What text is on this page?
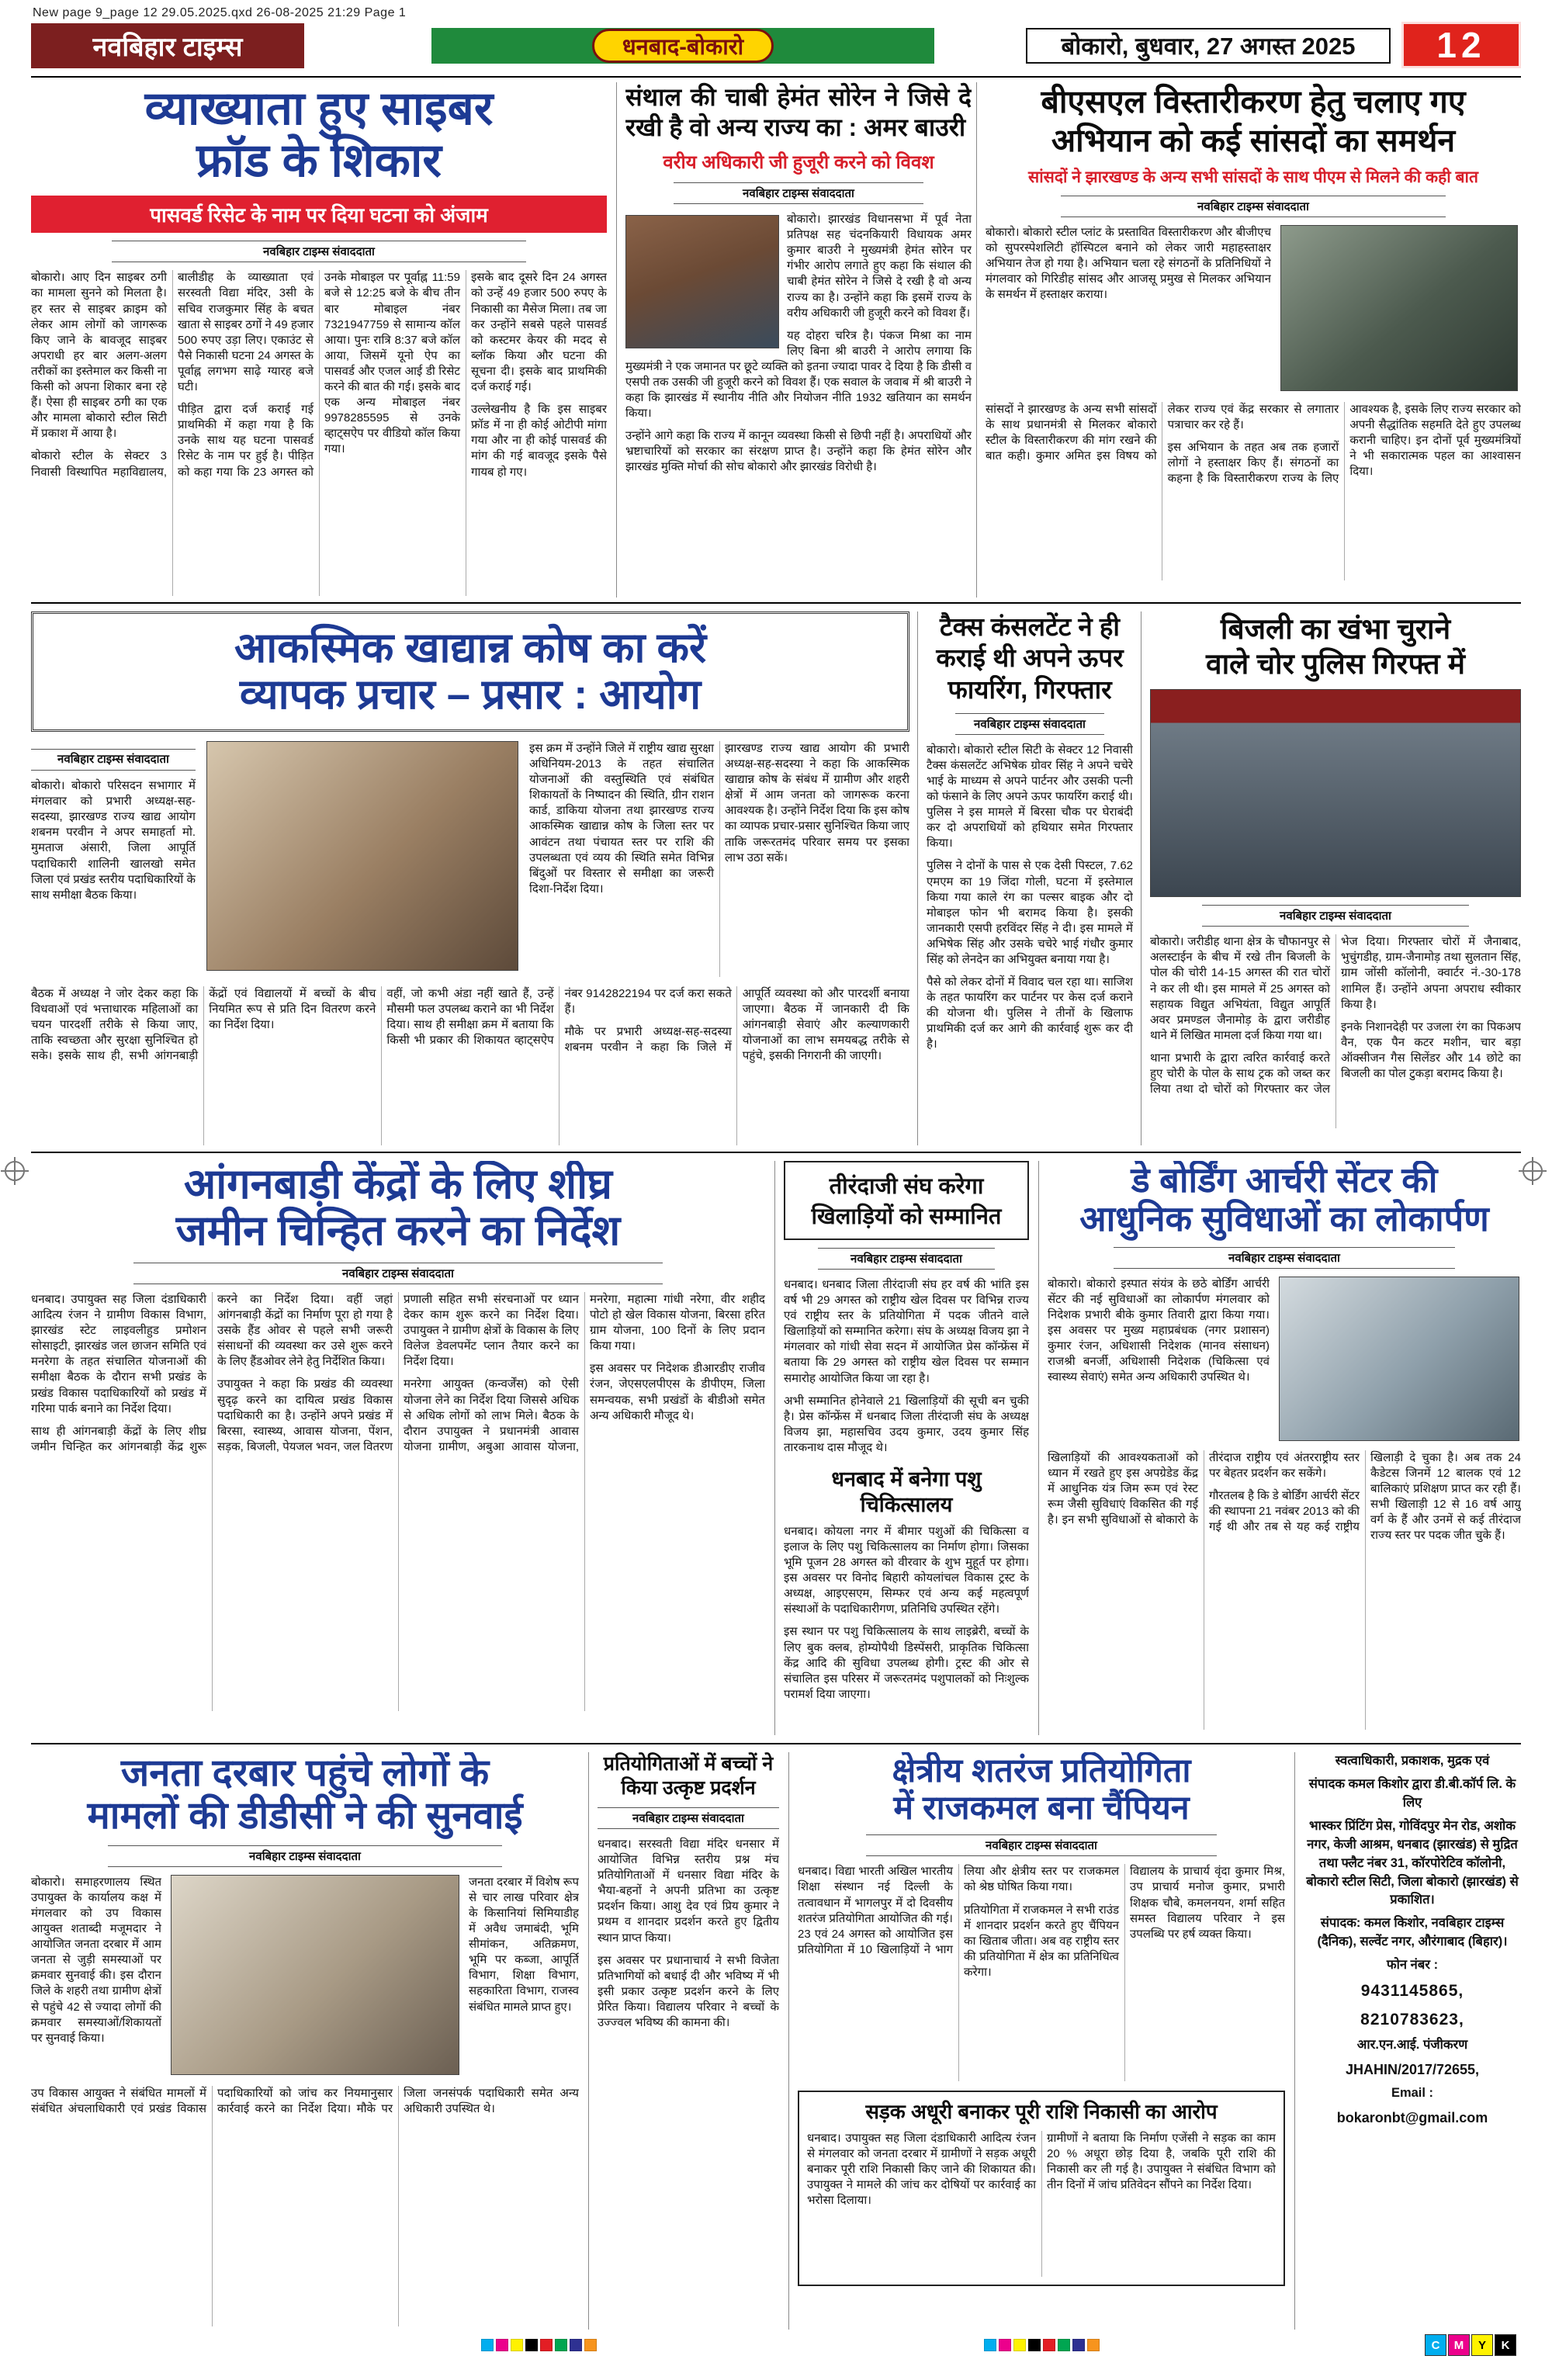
New page 9_page 12 29.05.2025.qxd 26-08-2025 21:29 Page 1
नवबिहार टाइम्स	धनबाद-बोकारो	बोकारो, बुधवार, 27 अगस्त 2025	12
व्याख्याता हुए साइबर
फ्रॉड के शिकार
पासवर्ड रिसेट के नाम पर दिया घटना को अंजाम
नवबिहार टाइम्स संवाददाता

बोकारो। आए दिन साइबर ठगी का मामला सुनने को मिलता है। हर स्तर से साइबर क्राइम को लेकर आम लोगों को जागरूक किए जाने के बावजूद साइबर अपराधी हर बार अलग-अलग तरीकों का इस्तेमाल कर किसी ना किसी को अपना शिकार बना रहे हैं। ऐसा ही साइबर ठगी का एक और मामला बोकारो स्टील सिटी में प्रकाश में आया है।

बोकारो स्टील के सेक्टर 3 निवासी विस्थापित महाविद्यालय, बालीडीह के व्याख्याता एवं सरस्वती विद्या मंदिर, 3सी के सचिव राजकुमार सिंह के बचत खाता से साइबर ठगों ने 49 हजार 500 रुपए उड़ा लिए। एकाउंट से पैसे निकासी घटना 24 अगस्त के पूर्वाह्न लगभग साढ़े ग्यारह बजे घटी।

पीड़ित द्वारा दर्ज कराई गई प्राथमिकी में कहा गया है कि उनके साथ यह घटना पासवर्ड रिसेट के नाम पर हुई है। पीड़ित को कहा गया कि 23 अगस्त को उनके मोबाइल पर पूर्वाह्न 11:59 बजे से 12:25 बजे के बीच तीन बार मोबाइल नंबर 7321947759 से सामान्य कॉल आया। पुनः रात्रि 8:37 बजे कॉल आया, जिसमें यूनो ऐप का पासवर्ड और एजल आई डी रिसेट करने की बात की गई। इसके बाद एक अन्य मोबाइल नंबर 9978285595 से उनके व्हाट्सऐप पर वीडियो कॉल किया गया।

इसके बाद दूसरे दिन 24 अगस्त को उन्हें 49 हजार 500 रुपए के निकासी का मैसेज मिला। तब जा कर उन्होंने सबसे पहले पासवर्ड को कस्टमर केयर की मदद से ब्लॉक किया और घटना की सूचना दी। इसके बाद प्राथमिकी दर्ज कराई गई।

उल्लेखनीय है कि इस साइबर फ्रॉड में ना ही कोई ओटीपी मांगा गया और ना ही कोई पासवर्ड की मांग की गई बावजूद इसके पैसे गायब हो गए।

संथाल की चाबी हेमंत सोरेन ने जिसे दे रखी है वो अन्य राज्य का : अमर बाउरी
वरीय अधिकारी जी हुजूरी करने को विवश
नवबिहार टाइम्स संवाददाता

बोकारो। झारखंड विधानसभा में पूर्व नेता प्रतिपक्ष सह चंदनकियारी विधायक अमर कुमार बाउरी ने मुख्यमंत्री हेमंत सोरेन पर गंभीर आरोप लगाते हुए कहा कि संथाल की चाबी हेमंत सोरेन ने जिसे दे रखी है वो अन्य राज्य का है। उन्होंने कहा कि इसमें राज्य के वरीय अधिकारी जी हुजूरी करने को विवश हैं।

यह दोहरा चरित्र है। पंकज मिश्रा का नाम लिए बिना श्री बाउरी ने आरोप लगाया कि मुख्यमंत्री ने एक जमानत पर छूटे व्यक्ति को इतना ज्यादा पावर दे दिया है कि डीसी व एसपी तक उसकी जी हुजूरी करने को विवश हैं। एक सवाल के जवाब में श्री बाउरी ने कहा कि झारखंड में स्थानीय नीति और नियोजन नीति 1932 खतियान का समर्थन किया।

उन्होंने आगे कहा कि राज्य में कानून व्यवस्था किसी से छिपी नहीं है। अपराधियों और भ्रष्टाचारियों को सरकार का संरक्षण प्राप्त है। उन्होंने कहा कि हेमंत सोरेन और झारखंड मुक्ति मोर्चा की सोच बोकारो और झारखंड विरोधी है।

बीएसएल विस्तारीकरण हेतु चलाए गए
अभियान को कई सांसदों का समर्थन
सांसदों ने झारखण्ड के अन्य सभी सांसदों के साथ पीएम से मिलने की कही बात
नवबिहार टाइम्स संवाददाता

बोकारो। बोकारो स्टील प्लांट के प्रस्तावित विस्तारीकरण और बीजीएच को सुपरस्पेशलिटी हॉस्पिटल बनाने को लेकर जारी महाहस्ताक्षर अभियान तेज हो गया है। अभियान चला रहे संगठनों के प्रतिनिधियों ने मंगलवार को गिरिडीह सांसद और आजसू प्रमुख से मिलकर अभियान के समर्थन में हस्ताक्षर कराया।

सांसदों ने झारखण्ड के अन्य सभी सांसदों के साथ प्रधानमंत्री से मिलकर बोकारो स्टील के विस्तारीकरण की मांग रखने की बात कही। कुमार अमित इस विषय को लेकर राज्य एवं केंद्र सरकार से लगातार पत्राचार कर रहे हैं।

इस अभियान के तहत अब तक हजारों लोगों ने हस्ताक्षर किए हैं। संगठनों का कहना है कि विस्तारीकरण राज्य के लिए आवश्यक है, इसके लिए राज्य सरकार को अपनी सैद्धांतिक सहमति देते हुए उपलब्ध करानी चाहिए। इन दोनों पूर्व मुख्यमंत्रियों ने भी सकारात्मक पहल का आश्वासन दिया।

आकस्मिक खाद्यान्न कोष का करें
व्यापक प्रचार – प्रसार : आयोग
नवबिहार टाइम्स संवाददाता

बोकारो। बोकारो परिसदन सभागार में मंगलवार को प्रभारी अध्यक्ष-सह-सदस्या, झारखण्ड राज्य खाद्य आयोग शबनम परवीन ने अपर समाहर्ता मो. मुमताज अंसारी, जिला आपूर्ति पदाधिकारी शालिनी खालखो समेत जिला एवं प्रखंड स्तरीय पदाधिकारियों के साथ समीक्षा बैठक किया।

इस क्रम में उन्होंने जिले में राष्ट्रीय खाद्य सुरक्षा अधिनियम-2013 के तहत संचालित योजनाओं की वस्तुस्थिति एवं संबंधित शिकायतों के निष्पादन की स्थिति, ग्रीन राशन कार्ड, डाकिया योजना तथा झारखण्ड राज्य आकस्मिक खाद्यान्न कोष के जिला स्तर पर आवंटन तथा पंचायत स्तर पर राशि की उपलब्धता एवं व्यय की स्थिति समेत विभिन्न बिंदुओं पर विस्तार से समीक्षा का जरूरी दिशा-निर्देश दिया।

झारखण्ड राज्य खाद्य आयोग की प्रभारी अध्यक्ष-सह-सदस्या ने कहा कि आकस्मिक खाद्यान्न कोष के संबंध में ग्रामीण और शहरी क्षेत्रों में आम जनता को जागरूक करना आवश्यक है। उन्होंने निर्देश दिया कि इस कोष का व्यापक प्रचार-प्रसार सुनिश्चित किया जाए ताकि जरूरतमंद परिवार समय पर इसका लाभ उठा सकें।

बैठक में अध्यक्ष ने जोर देकर कहा कि विधवाओं एवं भत्ताधारक महिलाओं का चयन पारदर्शी तरीके से किया जाए, ताकि स्वच्छता और सुरक्षा सुनिश्चित हो सके। इसके साथ ही, सभी आंगनबाड़ी केंद्रों एवं विद्यालयों में बच्चों के बीच नियमित रूप से प्रति दिन वितरण करने का निर्देश दिया।

वहीं, जो कभी अंडा नहीं खाते हैं, उन्हें मौसमी फल उपलब्ध कराने का भी निर्देश दिया। साथ ही समीक्षा क्रम में बताया कि किसी भी प्रकार की शिकायत व्हाट्सऐप नंबर 9142822194 पर दर्ज करा सकते हैं।

मौके पर प्रभारी अध्यक्ष-सह-सदस्या शबनम परवीन ने कहा कि जिले में आपूर्ति व्यवस्था को और पारदर्शी बनाया जाएगा। बैठक में जानकारी दी कि आंगनबाड़ी सेवाएं और कल्याणकारी योजनाओं का लाभ समयबद्ध तरीके से पहुंचे, इसकी निगरानी की जाएगी।

टैक्स कंसलटेंट ने ही कराई थी अपने ऊपर फायरिंग, गिरफ्तार
नवबिहार टाइम्स संवाददाता

बोकारो। बोकारो स्टील सिटी के सेक्टर 12 निवासी टैक्स कंसलटेंट अभिषेक ग्रोवर सिंह ने अपने चचेरे भाई के माध्यम से अपने पार्टनर और उसकी पत्नी को फंसाने के लिए अपने ऊपर फायरिंग कराई थी। पुलिस ने इस मामले में बिरसा चौक पर घेराबंदी कर दो अपराधियों को हथियार समेत गिरफ्तार किया।

पुलिस ने दोनों के पास से एक देसी पिस्टल, 7.62 एमएम का 19 जिंदा गोली, घटना में इस्तेमाल किया गया काले रंग का पल्सर बाइक और दो मोबाइल फोन भी बरामद किया है। इसकी जानकारी एसपी हरविंदर सिंह ने दी। इस मामले में अभिषेक सिंह और उसके चचेरे भाई गंधौर कुमार सिंह को लेनदेन का अभियुक्त बनाया गया है।

पैसे को लेकर दोनों में विवाद चल रहा था। साजिश के तहत फायरिंग कर पार्टनर पर केस दर्ज कराने की योजना थी। पुलिस ने तीनों के खिलाफ प्राथमिकी दर्ज कर आगे की कार्रवाई शुरू कर दी है।

बिजली का खंभा चुराने
वाले चोर पुलिस गिरफ्त में
नवबिहार टाइम्स संवाददाता

बोकारो। जरीडीह थाना क्षेत्र के चौफानपुर से अलस्टाईन के बीच में रखे तीन बिजली के पोल की चोरी 14-15 अगस्त की रात चोरों ने कर ली थी। इस मामले में 25 अगस्त को सहायक विद्युत अभियंता, विद्युत आपूर्ति अवर प्रमण्डल जैनामोड़ के द्वारा जरीडीह थाने में लिखित मामला दर्ज किया गया था।

थाना प्रभारी के द्वारा त्वरित कार्रवाई करते हुए चोरी के पोल के साथ ट्रक को जब्त कर लिया तथा दो चोरों को गिरफ्तार कर जेल भेज दिया। गिरफ्तार चोरों में जैनाबाद, भुचुंगडीह, ग्राम-जैनामोड़ तथा सुलतान सिंह, ग्राम जोंसी कॉलोनी, क्वार्टर नं.-30-178 शामिल हैं। उन्होंने अपना अपराध स्वीकार किया है।

इनके निशानदेही पर उजला रंग का पिकअप वैन, एक पैन कटर मशीन, चार बड़ा ऑक्सीजन गैस सिलेंडर और 14 छोटे का बिजली का पोल टुकड़ा बरामद किया है।

आंगनबाड़ी केंद्रों के लिए शीघ्र
जमीन चिन्हित करने का निर्देश
नवबिहार टाइम्स संवाददाता

धनबाद। उपायुक्त सह जिला दंडाधिकारी आदित्य रंजन ने ग्रामीण विकास विभाग, झारखंड स्टेट लाइवलीहुड प्रमोशन सोसाइटी, झारखंड जल छाजन समिति एवं मनरेगा के तहत संचालित योजनाओं की समीक्षा बैठक के दौरान सभी प्रखंड के प्रखंड विकास पदाधिकारियों को प्रखंड में गरिमा पार्क बनाने का निर्देश दिया।

साथ ही आंगनबाड़ी केंद्रों के लिए शीघ्र जमीन चिन्हित कर आंगनबाड़ी केंद्र शुरू करने का निर्देश दिया। वहीं जहां आंगनबाड़ी केंद्रों का निर्माण पूरा हो गया है उसके हैंड ओवर से पहले सभी जरूरी संसाधनों की व्यवस्था कर उसे शुरू करने के लिए हैंडओवर लेने हेतु निर्देशित किया।

उपायुक्त ने कहा कि प्रखंड की व्यवस्था सुदृढ़ करने का दायित्व प्रखंड विकास पदाधिकारी का है। उन्होंने अपने प्रखंड में बिरसा, स्वास्थ्य, आवास योजना, पेंशन, सड़क, बिजली, पेयजल भवन, जल वितरण प्रणाली सहित सभी संरचनाओं पर ध्यान देकर काम शुरू करने का निर्देश दिया। उपायुक्त ने ग्रामीण क्षेत्रों के विकास के लिए विलेज डेवलपमेंट प्लान तैयार करने का निर्देश दिया।

मनरेगा आयुक्त (कन्वर्जेंस) को ऐसी योजना लेने का निर्देश दिया जिससे अधिक से अधिक लोगों को लाभ मिले। बैठक के दौरान उपायुक्त ने प्रधानमंत्री आवास योजना ग्रामीण, अबुआ आवास योजना, मनरेगा, महात्मा गांधी नरेगा, वीर शहीद पोटो हो खेल विकास योजना, बिरसा हरित ग्राम योजना, 100 दिनों के लिए प्रदान किया गया।

इस अवसर पर निदेशक डीआरडीए राजीव रंजन, जेएसएलपीएस के डीपीएम, जिला समन्वयक, सभी प्रखंडों के बीडीओ समेत अन्य अधिकारी मौजूद थे।

तीरंदाजी संघ करेगा खिलाड़ियों को सम्मानित
नवबिहार टाइम्स संवाददाता

धनबाद। धनबाद जिला तीरंदाजी संघ हर वर्ष की भांति इस वर्ष भी 29 अगस्त को राष्ट्रीय खेल दिवस पर विभिन्न राज्य एवं राष्ट्रीय स्तर के प्रतियोगिता में पदक जीतने वाले खिलाड़ियों को सम्मानित करेगा। संघ के अध्यक्ष विजय झा ने मंगलवार को गांधी सेवा सदन में आयोजित प्रेस कॉन्फ्रेंस में बताया कि 29 अगस्त को राष्ट्रीय खेल दिवस पर सम्मान समारोह आयोजित किया जा रहा है।

अभी सम्मानित होनेवाले 21 खिलाड़ियों की सूची बन चुकी है। प्रेस कॉन्फ्रेंस में धनबाद जिला तीरंदाजी संघ के अध्यक्ष विजय झा, महासचिव उदय कुमार, उदय कुमार सिंह तारकनाथ दास मौजूद थे।

धनबाद में बनेगा पशु चिकित्सालय

धनबाद। कोयला नगर में बीमार पशुओं की चिकित्सा व इलाज के लिए पशु चिकित्सालय का निर्माण होगा। जिसका भूमि पूजन 28 अगस्त को वीरवार के शुभ मुहूर्त पर होगा। इस अवसर पर विनोद बिहारी कोयलांचल विकास ट्रस्ट के अध्यक्ष, आइएसएम, सिम्फर एवं अन्य कई महत्वपूर्ण संस्थाओं के पदाधिकारीगण, प्रतिनिधि उपस्थित रहेंगे।

इस स्थान पर पशु चिकित्सालय के साथ लाइब्रेरी, बच्चों के लिए बुक क्लब, होम्योपैथी डिस्पेंसरी, प्राकृतिक चिकित्सा केंद्र आदि की सुविधा उपलब्ध होगी। ट्रस्ट की ओर से संचालित इस परिसर में जरूरतमंद पशुपालकों को निःशुल्क परामर्श दिया जाएगा।

डे बोर्डिंग आर्चरी सेंटर की
आधुनिक सुविधाओं का लोकार्पण
नवबिहार टाइम्स संवाददाता

बोकारो। बोकारो इस्पात संयंत्र के छठे बोर्डिंग आर्चरी सेंटर की नई सुविधाओं का लोकार्पण मंगलवार को निदेशक प्रभारी बीके कुमार तिवारी द्वारा किया गया। इस अवसर पर मुख्य महाप्रबंधक (नगर प्रशासन) कुमार रंजन, अधिशासी निदेशक (मानव संसाधन) राजश्री बनर्जी, अधिशासी निदेशक (चिकित्सा एवं स्वास्थ्य सेवाएं) समेत अन्य अधिकारी उपस्थित थे।

खिलाड़ियों की आवश्यकताओं को ध्यान में रखते हुए इस अपग्रेडेड केंद्र में आधुनिक यंत्र जिम रूम एवं रेस्ट रूम जैसी सुविधाएं विकसित की गई है। इन सभी सुविधाओं से बोकारो के तीरंदाज राष्ट्रीय एवं अंतरराष्ट्रीय स्तर पर बेहतर प्रदर्शन कर सकेंगे।

गौरतलब है कि डे बोर्डिंग आर्चरी सेंटर की स्थापना 21 नवंबर 2013 को की गई थी और तब से यह कई राष्ट्रीय खिलाड़ी दे चुका है। अब तक 24 कैडेटस जिनमें 12 बालक एवं 12 बालिकाएं प्रशिक्षण प्राप्त कर रही हैं। सभी खिलाड़ी 12 से 16 वर्ष आयु वर्ग के हैं और उनमें से कई तीरंदाज राज्य स्तर पर पदक जीत चुके हैं।

जनता दरबार पहुंचे लोगों के
मामलों की डीडीसी ने की सुनवाई
नवबिहार टाइम्स संवाददाता

बोकारो। समाहरणालय स्थित उपायुक्त के कार्यालय कक्ष में मंगलवार को उप विकास आयुक्त शताब्दी मजूमदार ने आयोजित जनता दरबार में आम जनता से जुड़ी समस्याओं पर क्रमवार सुनवाई की। इस दौरान जिले के शहरी तथा ग्रामीण क्षेत्रों से पहुंचे 42 से ज्यादा लोगों की क्रमवार समस्याओं/शिकायतों पर सुनवाई किया।

जनता दरबार में विशेष रूप से चार लाख परिवार क्षेत्र के किसानियां सिमियाडीह में अवैध जमाबंदी, भूमि सीमांकन, अतिक्रमण, भूमि पर कब्जा, आपूर्ति विभाग, शिक्षा विभाग, सहकारिता विभाग, राजस्व संबंधित मामले प्राप्त हुए।

उप विकास आयुक्त ने संबंधित मामलों में संबंधित अंचलाधिकारी एवं प्रखंड विकास पदाधिकारियों को जांच कर नियमानुसार कार्रवाई करने का निर्देश दिया। मौके पर जिला जनसंपर्क पदाधिकारी समेत अन्य अधिकारी उपस्थित थे।

प्रतियोगिताओं में बच्चों ने किया उत्कृष्ट प्रदर्शन
नवबिहार टाइम्स संवाददाता

धनबाद। सरस्वती विद्या मंदिर धनसार में आयोजित विभिन्न स्तरीय प्रश्न मंच प्रतियोगिताओं में धनसार विद्या मंदिर के भैया-बहनों ने अपनी प्रतिभा का उत्कृष्ट प्रदर्शन किया। आशु देव एवं प्रिय कुमार ने प्रथम व शानदार प्रदर्शन करते हुए द्वितीय स्थान प्राप्त किया।

इस अवसर पर प्रधानाचार्य ने सभी विजेता प्रतिभागियों को बधाई दी और भविष्य में भी इसी प्रकार उत्कृष्ट प्रदर्शन करने के लिए प्रेरित किया। विद्यालय परिवार ने बच्चों के उज्ज्वल भविष्य की कामना की।

क्षेत्रीय शतरंज प्रतियोगिता
में राजकमल बना चैंपियन
नवबिहार टाइम्स संवाददाता

धनबाद। विद्या भारती अखिल भारतीय शिक्षा संस्थान नई दिल्ली के तत्वावधान में भागलपुर में दो दिवसीय शतरंज प्रतियोगिता आयोजित की गई। 23 एवं 24 अगस्त को आयोजित इस प्रतियोगिता में 10 खिलाड़ियों ने भाग लिया और क्षेत्रीय स्तर पर राजकमल को श्रेष्ठ घोषित किया गया।

प्रतियोगिता में राजकमल ने सभी राउंड में शानदार प्रदर्शन करते हुए चैंपियन का खिताब जीता। अब वह राष्ट्रीय स्तर की प्रतियोगिता में क्षेत्र का प्रतिनिधित्व करेगा।

विद्यालय के प्राचार्य वृंदा कुमार मिश्र, उप प्राचार्य मनोज कुमार, प्रभारी शिक्षक चौबे, कमलनयन, शर्मा सहित समस्त विद्यालय परिवार ने इस उपलब्धि पर हर्ष व्यक्त किया।

सड़क अधूरी बनाकर पूरी राशि निकासी का आरोप

धनबाद। उपायुक्त सह जिला दंडाधिकारी आदित्य रंजन से मंगलवार को जनता दरबार में ग्रामीणों ने सड़क अधूरी बनाकर पूरी राशि निकासी किए जाने की शिकायत की। उपायुक्त ने मामले की जांच कर दोषियों पर कार्रवाई का भरोसा दिलाया।

ग्रामीणों ने बताया कि निर्माण एजेंसी ने सड़क का काम 20 % अधूरा छोड़ दिया है, जबकि पूरी राशि की निकासी कर ली गई है। उपायुक्त ने संबंधित विभाग को तीन दिनों में जांच प्रतिवेदन सौंपने का निर्देश दिया।

स्वत्वाधिकारी, प्रकाशक, मुद्रक एवं
संपादक कमल किशोर द्वारा डी.बी.कॉर्प लि. के लिए
भास्कर प्रिंटिंग प्रेस, गोविंदपुर मेन रोड, अशोक नगर, केजी आश्रम, धनबाद (झारखंड) से मुद्रित तथा फ्लैट नंबर 31, कॉरपोरेटिव कॉलोनी, बोकारो स्टील सिटी, जिला बोकारो (झारखंड) से प्रकाशित।
संपादक: कमल किशोर, नवबिहार टाइम्स (दैनिक), सल्वेंट नगर, औरंगाबाद (बिहार)।
फोन नंबर :
9431145865,
8210783623,
आर.एन.आई. पंजीकरण
JHAHIN/2017/72655,
Email :
bokaronbt@gmail.com
C	M	Y	K
